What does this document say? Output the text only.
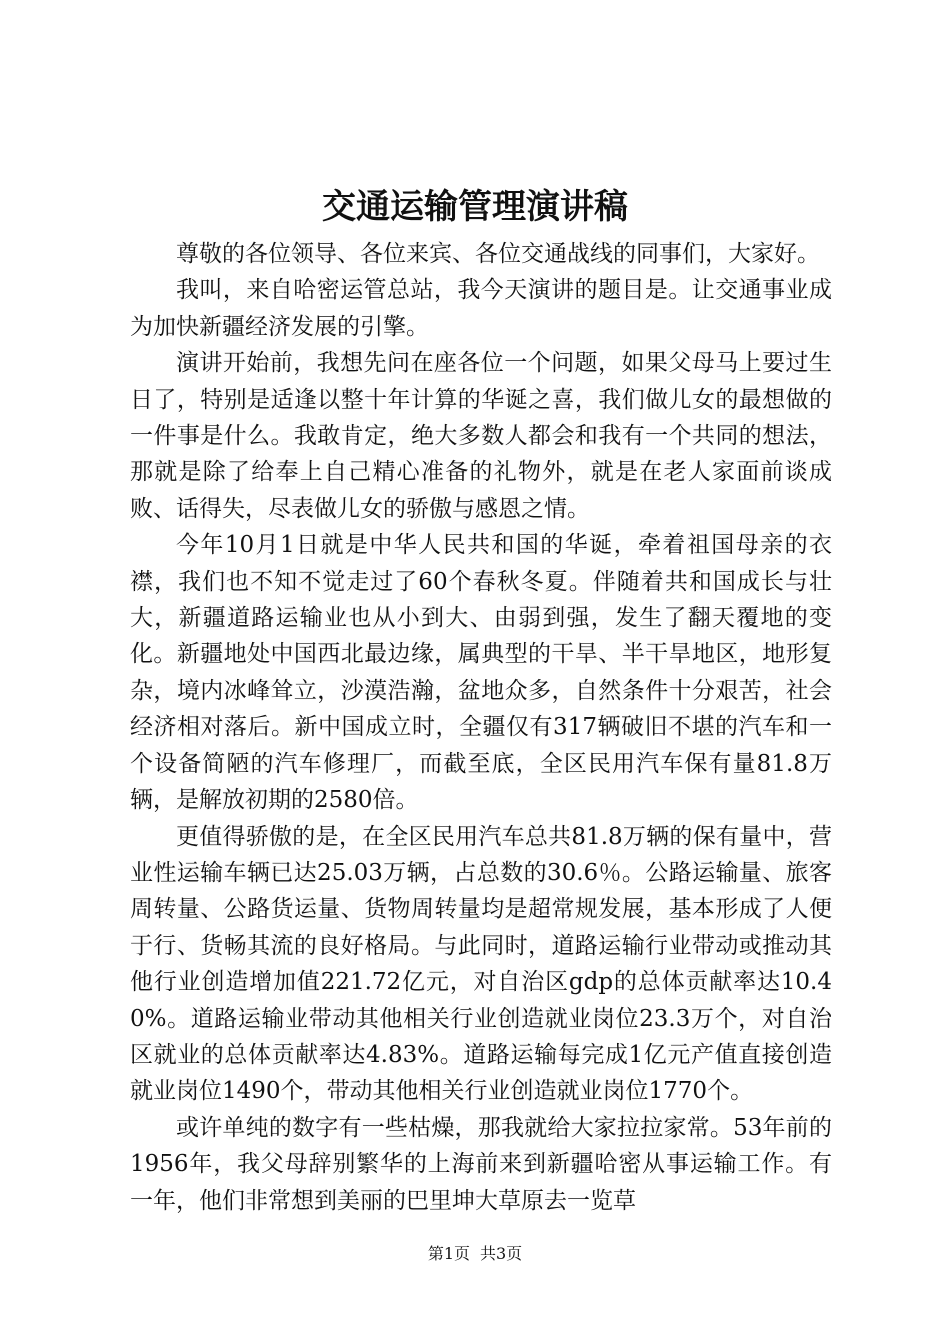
交通运输管理演讲稿

尊敬的各位领导、各位来宾、各位交通战线的同事们，大家好。

我叫，来自哈密运管总站，我今天演讲的题目是。让交通事业成为加快新疆经济发展的引擎。

演讲开始前，我想先问在座各位一个问题，如果父母马上要过生日了，特别是适逢以整十年计算的华诞之喜，我们做儿女的最想做的一件事是什么。我敢肯定，绝大多数人都会和我有一个共同的想法，那就是除了给奉上自己精心准备的礼物外，就是在老人家面前谈成败、话得失，尽表做儿女的骄傲与感恩之情。

今年10月1日就是中华人民共和国的华诞，牵着祖国母亲的衣襟，我们也不知不觉走过了60个春秋冬夏。伴随着共和国成长与壮大，新疆道路运输业也从小到大、由弱到强，发生了翻天覆地的变化。新疆地处中国西北最边缘，属典型的干旱、半干旱地区，地形复杂，境内冰峰耸立，沙漠浩瀚，盆地众多，自然条件十分艰苦，社会经济相对落后。新中国成立时，全疆仅有317辆破旧不堪的汽车和一个设备简陋的汽车修理厂，而截至底，全区民用汽车保有量81.8万辆，是解放初期的2580倍。

更值得骄傲的是，在全区民用汽车总共81.8万辆的保有量中，营业性运输车辆已达25.03万辆，占总数的30.6％。公路运输量、旅客周转量、公路货运量、货物周转量均是超常规发展，基本形成了人便于行、货畅其流的良好格局。与此同时，道路运输行业带动或推动其他行业创造增加值221.72亿元，对自治区gdp的总体贡献率达10.40%。道路运输业带动其他相关行业创造就业岗位23.3万个，对自治区就业的总体贡献率达4.83%。道路运输每完成1亿元产值直接创造就业岗位1490个，带动其他相关行业创造就业岗位1770个。

或许单纯的数字有一些枯燥，那我就给大家拉拉家常。53年前的1956年，我父母辞别繁华的上海前来到新疆哈密从事运输工作。有一年，他们非常想到美丽的巴里坤大草原去一览草

第1页 共3页
